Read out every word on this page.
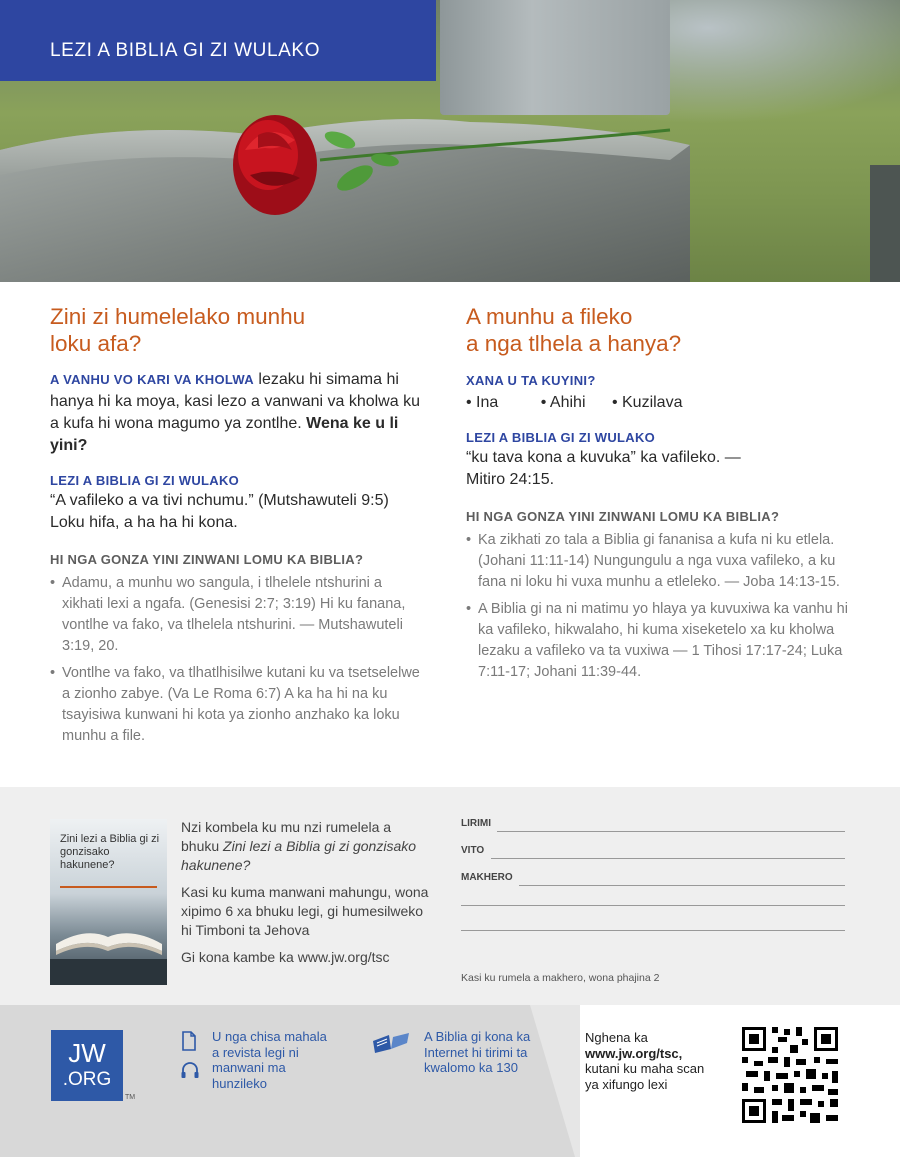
LEZI A BIBLIA GI ZI WULAKO
Zini zi humelelako munhu
loku afa?
A VANHU VO KARI VA KHOLWA lezaku hi simama hi hanya hi ka moya, kasi lezo a vanwani va kholwa ku a kufa hi wona magumo ya zontlhe. Wena ke u li yini?
LEZI A BIBLIA GI ZI WULAKO
“A vafileko a va tivi nchumu.” (Mutshawuteli 9:5) Loku hifa, a ha ha hi kona.
HI NGA GONZA YINI ZINWANI LOMU KA BIBLIA?
• Adamu, a munhu wo sangula, i tlhelele ntshurini a xikhati lexi a ngafa. (Genesisi 2:7; 3:19) Hi ku fanana, vontlhe va fako, va tlhelela ntshurini. — Mutshawuteli 3:19, 20.
• Vontlhe va fako, va tlhatlhisilwe kutani ku va tsetselelwe a zionho zabye. (Va Le Roma 6:7) A ka ha hi na ku tsayisiwa kunwani hi kota ya zionho anzhako ka loku munhu a file.
A munhu a fileko
a nga tlhela a hanya?
XANA U TA KUYINI?
• Ina	• Ahihi • Kuzilava
LEZI A BIBLIA GI ZI WULAKO
“ku tava kona a kuvuka” ka vafileko. — Mitiro 24:15.
HI NGA GONZA YINI ZINWANI LOMU KA BIBLIA?
• Ka zikhati zo tala a Biblia gi fananisa a kufa ni ku etlela. (Johani 11:11-14) Nungungulu a nga vuxa vafileko, a ku fana ni loku hi vuxa munhu a etleleko. — Joba 14:13-15.
• A Biblia gi na ni matimu yo hlaya ya kuvuxiwa ka vanhu hi ka vafileko, hikwalaho, hi kuma xiseketelo xa ku kholwa lezaku a vafileko va ta vuxiwa — 1 Tihosi 17:17-24; Luka 7:11-17; Johani 11:39-44.
Zini lezi a Biblia gi zi gonzisako hakunene?

Nzi kombela ku mu nzi rumelela a bhuku Zini lezi a Biblia gi zi gonzisako hakunene?

Kasi ku kuma manwani mahungu, wona xipimo 6 xa bhuku legi, gi humesilweko hi Timboni ta Jehova

Gi kona kambe ka www.jw.org/tsc

LIRIMI
VITO
MAKHERO
Kasi ku rumela a makhero, wona phajina 2
JW
.ORG
TM
U nga chisa mahala a revista legi ni manwani ma hunzileko
A Biblia gi kona ka Internet hi tirimi ta kwalomo ka 130
Nghena ka
www.jw.org/tsc,
kutani ku maha scan
ya xifungo lexi
